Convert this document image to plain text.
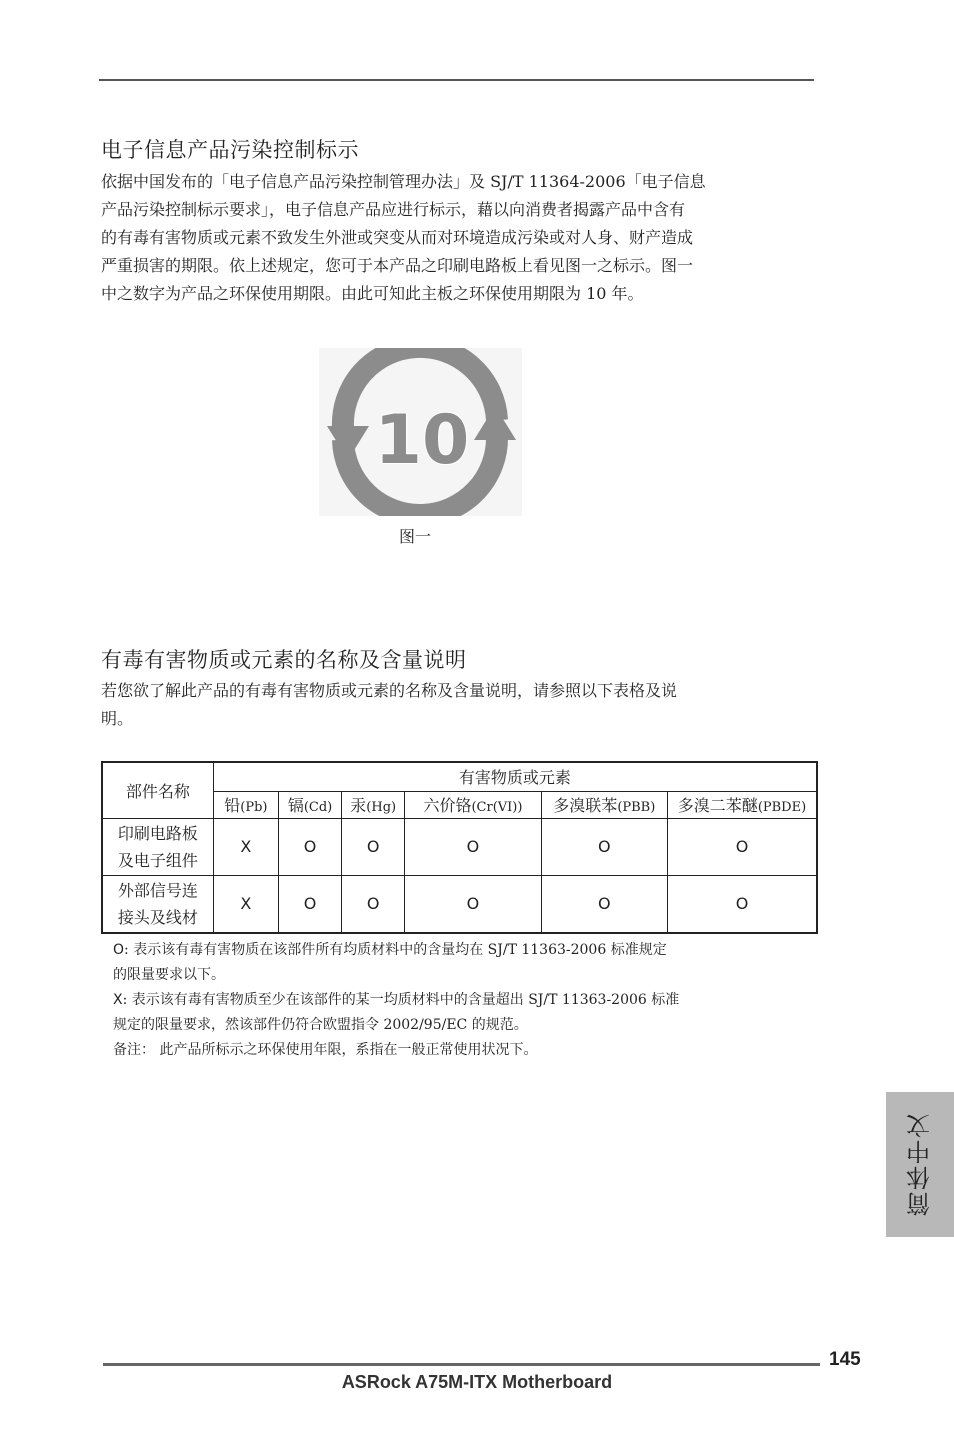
电子信息产品污染控制标示
依据中国发布的「电子信息产品污染控制管理办法」及 SJ/T 11364-2006「电子信息
产品污染控制标示要求」，电子信息产品应进行标示，藉以向消费者揭露产品中含有
的有毒有害物质或元素不致发生外泄或突变从而对环境造成污染或对人身、财产造成
严重损害的期限。依上述规定，您可于本产品之印刷电路板上看见图一之标示。图一
中之数字为产品之环保使用期限。由此可知此主板之环保使用期限为 10 年。
10
图一
有毒有害物质或元素的名称及含量说明
若您欲了解此产品的有毒有害物质或元素的名称及含量说明，请参照以下表格及说
明。
部件名称	有害物质或元素					
	铅(Pb)	镉(Cd)	汞(Hg)	六价铬(Cr(VI))	多溴联苯(PBB)	多溴二苯醚(PBDE)

印刷电路板
及电子组件	X	O	O	O	O	O

外部信号连
接头及线材	X	O	O	O	O	O
O: 表示该有毒有害物质在该部件所有均质材料中的含量均在 SJ/T 11363-2006 标准规定
的限量要求以下。
X: 表示该有毒有害物质至少在该部件的某一均质材料中的含量超出 SJ/T 11363-2006 标准
规定的限量要求，然该部件仍符合欧盟指令 2002/95/EC 的规范。
备注： 此产品所标示之环保使用年限，系指在一般正常使用状况下。
简体中文
145
ASRock A75M-ITX Motherboard
